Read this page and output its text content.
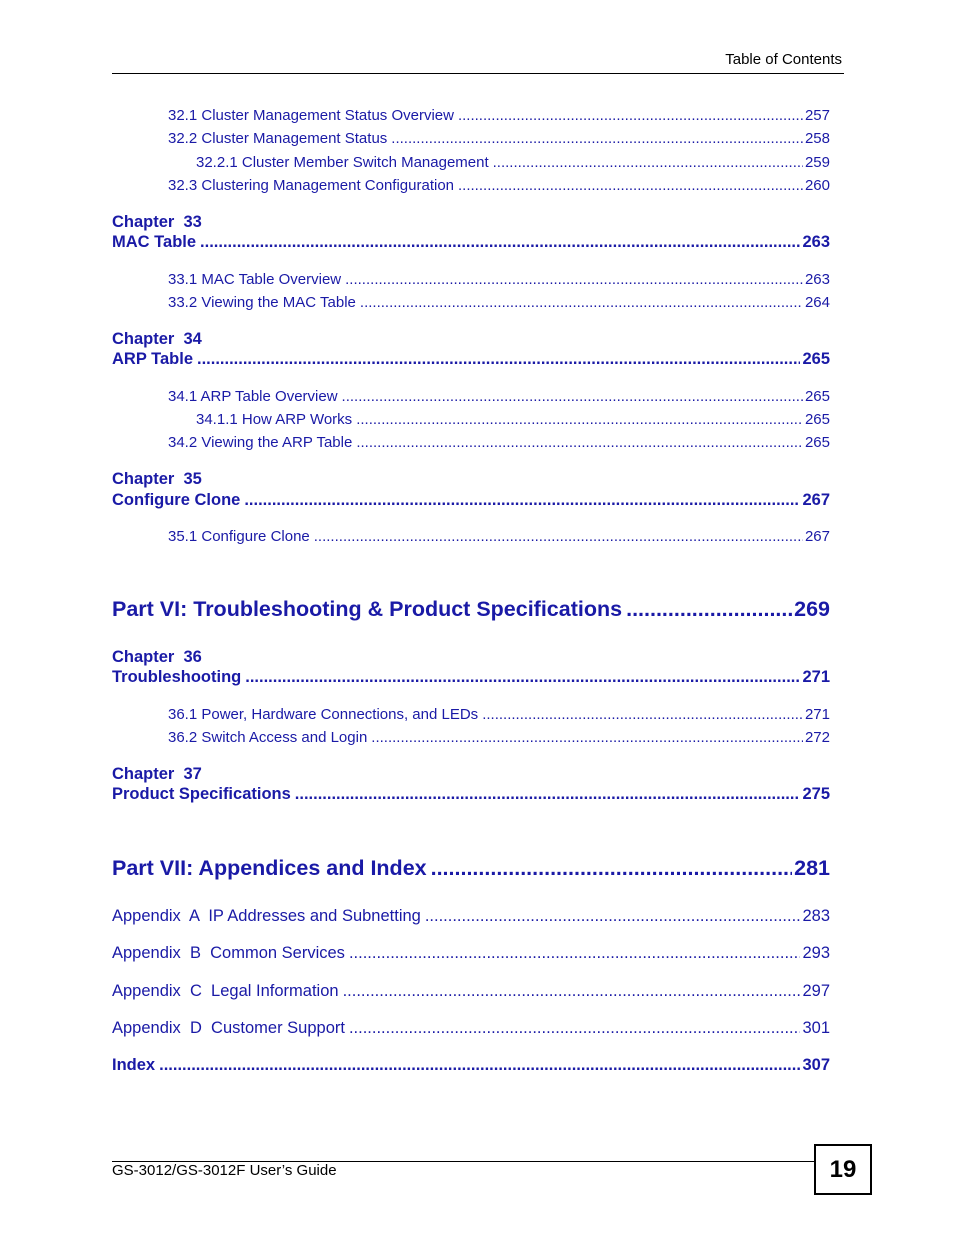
Table of Contents
32.1 Cluster Management Status Overview .....	257
32.2 Cluster Management Status .....	258
32.2.1 Cluster Member Switch Management .....	259
32.3 Clustering Management Configuration .....	260
Chapter  33
MAC Table .....	263
33.1 MAC Table Overview .....	263
33.2 Viewing the MAC Table .....	264
Chapter  34
ARP Table .....	265
34.1 ARP Table Overview .....	265
34.1.1 How ARP Works .....	265
34.2 Viewing the ARP Table .....	265
Chapter  35
Configure Clone .....	267
35.1 Configure Clone .....	267
Part VI: Troubleshooting & Product Specifications .....	269
Chapter  36
Troubleshooting .....	271
36.1 Power, Hardware Connections, and LEDs .....	271
36.2 Switch Access and Login .....	272
Chapter  37
Product Specifications .....	275
Part VII: Appendices and Index .....	281
Appendix  A  IP Addresses and Subnetting .....	283
Appendix  B  Common Services .....	293
Appendix  C  Legal Information .....	297
Appendix  D  Customer Support .....	301
Index .....	307
GS-3012/GS-3012F User’s Guide	19
